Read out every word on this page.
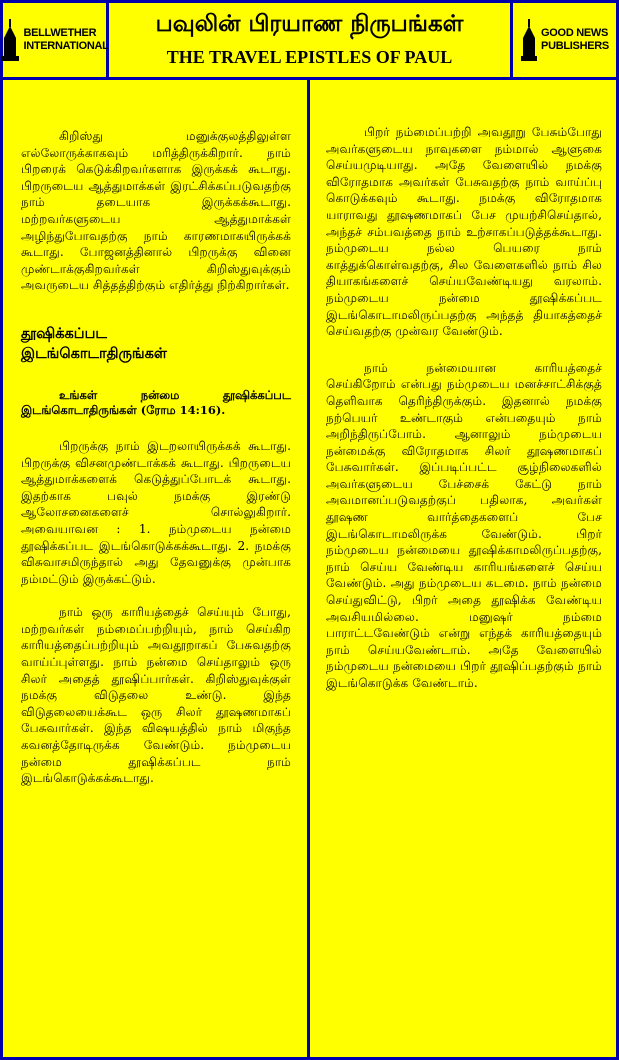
BELLWETHER
INTERNATIONAL
பவுலின் பிரயாண நிருபங்கள்
THE TRAVEL EPISTLES OF PAUL
GOOD NEWS
PUBLISHERS

கிறிஸ்து மனுக்குலத்திலுள்ள எல்லோருக்காகவும் மரித்திருக்கிறார். நாம் பிறரைக் கெடுக்கிறவர்களாக இருக்கக் கூடாது. பிறருடைய ஆத்துமாக்கள் இரட்சிக்கப்படுவதற்கு நாம் தடையாக இருக்கக்கூடாது. மற்றவர்களுடைய ஆத்துமாக்கள் அழிந்துபோவதற்கு நாம் காரணமாகயிருக்கக் கூடாது. போஜனத்தினால் பிறருக்கு வினை முண்டாக்குகிறவர்கள் கிறிஸ்துவுக்கும் அவருடைய சித்தத்திற்கும் எதிர்த்து நிற்கிறார்கள்.

தூஷிக்கப்பட
இடங்கொடாதிருங்கள்

உங்கள் நன்மை தூஷிக்கப்பட இடங்கொடாதிருங்கள் (ரோம 14:16).

பிறருக்கு நாம் இடறலாயிருக்கக் கூடாது. பிறருக்கு விசனமுண்டாக்கக் கூடாது. பிறருடைய ஆத்துமாக்களைக் கெடுத்துப்போடக் கூடாது. இதற்காக பவுல் நமக்கு இரண்டு ஆலோசனைகளைச் சொல்லுகிறார். அவையாவன : 1. நம்முடைய நன்மை தூஷிக்கப்பட இடங்கொடுக்கக்கூடாது. 2. நமக்கு விசுவாசமிருந்தால் அது தேவனுக்கு முன்பாக நம்மட்டும் இருக்கட்டும்.

நாம் ஒரு காரியத்தைச் செய்யும் போது, மற்றவர்கள் நம்மைப்பற்றியும், நாம் செய்கிற காரியத்தைப்பற்றியும் அவதூறாகப் பேசுவதற்கு வாய்ப்புள்ளது. நாம் நன்மை செய்தாலும் ஒரு சிலர் அதைத் தூஷிப்பார்கள். கிறிஸ்துவுக்குள் நமக்கு விடுதலை உண்டு. இந்த விடுதலையைக்கூட ஒரு சிலர் தூஷணமாகப் பேசுவார்கள். இந்த விஷயத்தில் நாம் மிகுந்த கவனத்தோடிருக்க வேண்டும். நம்முடைய நன்மை தூஷிக்கப்பட நாம் இடங்கொடுக்கக்கூடாது.

பிறர் நம்மைப்பற்றி அவதூறு பேசும்போது அவர்களுடைய நாவுகளை நம்மால் ஆளுகை செய்யமுடியாது. அதே வேளையில் நமக்கு விரோதமாக அவர்கள் பேசுவதற்கு நாம் வாய்ப்பு கொடுக்கவும் கூடாது. நமக்கு விரோதமாக யாராவது தூஷணமாகப் பேச முயற்சிசெய்தால், அந்தச் சம்பவத்தை நாம் உற்சாகப்படுத்தக்கூடாது. நம்முடைய நல்ல பெயரை நாம் காத்துக்கொள்வதற்கு, சில வேளைகளில் நாம் சில தியாகங்களைச் செய்யவேண்டியது வரலாம். நம்முடைய நன்மை தூஷிக்கப்பட இடங்கொடாமலிருப்பதற்கு அந்தத் தியாகத்தைச் செய்வதற்கு முன்வர வேண்டும்.

நாம் நன்மையான காரியத்தைச் செய்கிறோம் என்பது நம்முடைய மனச்சாட்சிக்குத் தெளிவாக தெரிந்திருக்கும். இதனால் நமக்கு நற்பெயர் உண்டாகும் என்பதையும் நாம் அறிந்திருப்போம். ஆனாலும் நம்முடைய நன்மைக்கு விரோதமாக சிலர் தூஷணமாகப் பேசுவார்கள். இப்படிப்பட்ட சூழ்நிலைகளில் அவர்களுடைய பேச்சைக் கேட்டு நாம் அவமானப்படுவதற்குப் பதிலாக, அவர்கள் தூஷண வார்த்தைகளைப் பேச இடங்கொடாமலிருக்க வேண்டும். பிறர் நம்முடைய நன்மையை தூஷிக்காமலிருப்பதற்கு, நாம் செய்ய வேண்டிய காரியங்களைச் செய்ய வேண்டும். அது நம்முடைய கடமை. நாம் நன்மை செய்துவிட்டு, பிறர் அதை தூஷிக்க வேண்டிய அவசியமில்லை. மனுஷர் நம்மை பாராட்டவேண்டும் என்று எந்தக் காரியத்தையும் நாம் செய்யவேண்டாம். அதே வேளையில் நம்முடைய நன்மையை பிறர் தூஷிப்பதற்கும் நாம் இடங்கொடுக்க வேண்டாம்.
